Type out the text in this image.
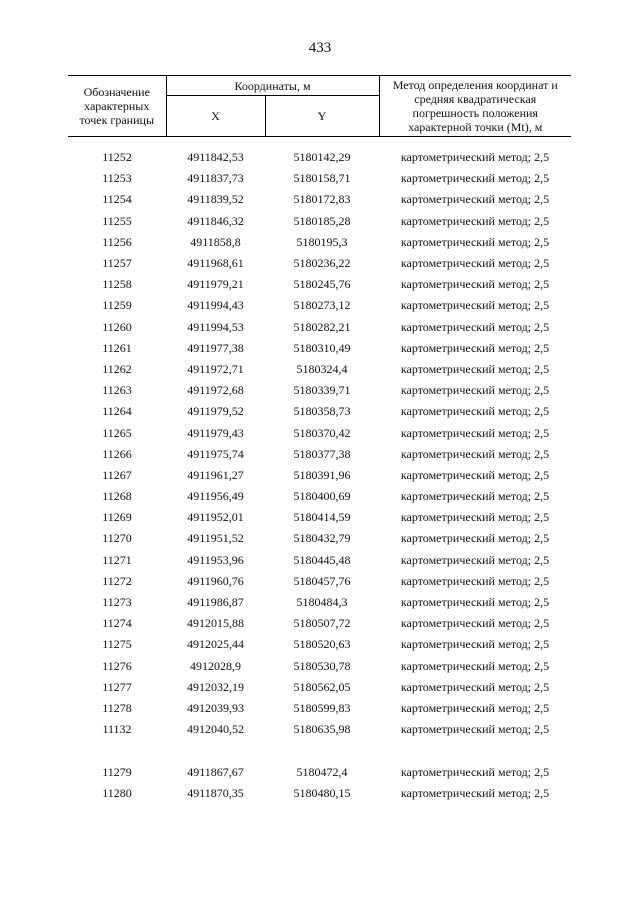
433
Обозначение характерных точек границы	Координаты, м		Метод определения координат и средняя квадратическая погрешность положения характерной точки (Mt), м
	X	Y	

11252	4911842,53	5180142,29	картометрический метод; 2,5
11253	4911837,73	5180158,71	картометрический метод; 2,5
11254	4911839,52	5180172,83	картометрический метод; 2,5
11255	4911846,32	5180185,28	картометрический метод; 2,5
11256	4911858,8	5180195,3	картометрический метод; 2,5
11257	4911968,61	5180236,22	картометрический метод; 2,5
11258	4911979,21	5180245,76	картометрический метод; 2,5
11259	4911994,43	5180273,12	картометрический метод; 2,5
11260	4911994,53	5180282,21	картометрический метод; 2,5
11261	4911977,38	5180310,49	картометрический метод; 2,5
11262	4911972,71	5180324,4	картометрический метод; 2,5
11263	4911972,68	5180339,71	картометрический метод; 2,5
11264	4911979,52	5180358,73	картометрический метод; 2,5
11265	4911979,43	5180370,42	картометрический метод; 2,5
11266	4911975,74	5180377,38	картометрический метод; 2,5
11267	4911961,27	5180391,96	картометрический метод; 2,5
11268	4911956,49	5180400,69	картометрический метод; 2,5
11269	4911952,01	5180414,59	картометрический метод; 2,5
11270	4911951,52	5180432,79	картометрический метод; 2,5
11271	4911953,96	5180445,48	картометрический метод; 2,5
11272	4911960,76	5180457,76	картометрический метод; 2,5
11273	4911986,87	5180484,3	картометрический метод; 2,5
11274	4912015,88	5180507,72	картометрический метод; 2,5
11275	4912025,44	5180520,63	картометрический метод; 2,5
11276	4912028,9	5180530,78	картометрический метод; 2,5
11277	4912032,19	5180562,05	картометрический метод; 2,5
11278	4912039,93	5180599,83	картометрический метод; 2,5
11132	4912040,52	5180635,98	картометрический метод; 2,5

11279	4911867,67	5180472,4	картометрический метод; 2,5
11280	4911870,35	5180480,15	картометрический метод; 2,5
